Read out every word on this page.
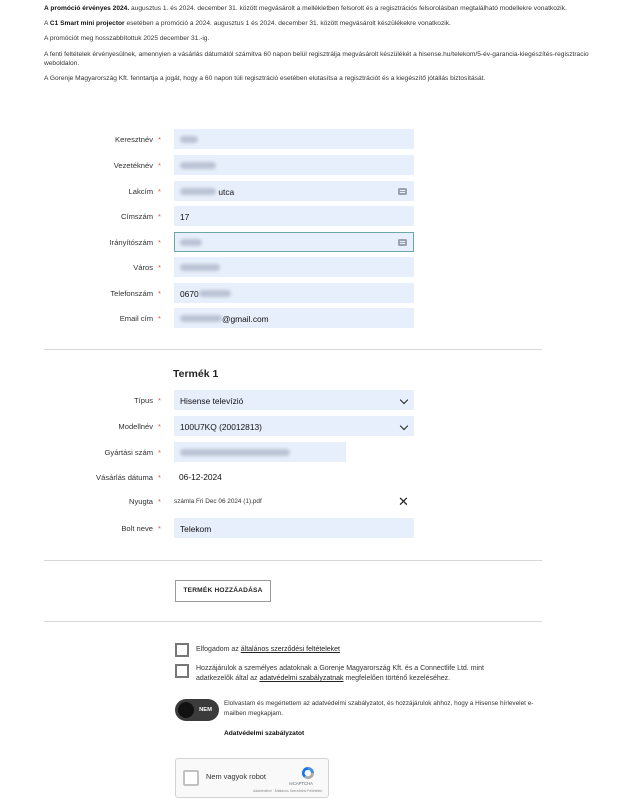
A promóció érvényes 2024. augusztus 1. és 2024. december 31. között megvásárolt a mellékletben felsorolt és a regisztrációs felsorolásban megtalálható modellekre vonatkozik.

A C1 Smart mini projector esetében a promóció a 2024. augusztus 1 és 2024. december 31. között megvásárolt készülékekre vonatkozik.

A promóciót meg hosszabbítottuk 2025 december 31.-ig.

A fenti feltételek érvényesülnek, amennyien a vásárlás dátumától számítva 60 napon belül regisztrálja megvásárolt készülékét a hisense.hu/telekom/5-év-garancia-kiegészítés-regisztracio weboldalon.

A Gorenje Magyarország Kft. fenntartja a jogát, hogy a 60 napon túli regisztráció esetében elutasítsa a regisztrációt és a kiegészítő jótállás biztosítását.

Keresztnév *
Vezetéknév *
Lakcím *	utca
Címszám *	17
Irányítószám *
Város *
Telefonszám *	0670
Email cím *	@gmail.com
Termék 1
Típus *	Hisense televízió
Modellnév *	100U7KQ (20012813)
Gyártási szám *
Vásárlás dátuma *	06-12-2024
Nyugta * számla Fri Dec 06 2024 (1).pdf	✕
Bolt neve *	Telekom
TERMÉK HOZZÁADÁSA
Elfogadom az általános szerződési feltételeket
Hozzájárulok a személyes adatoknak a Gorenje Magyarország Kft. és a Connectlife Ltd. mint
adatkezelők által az adatvédelmi szabályzatnak megfelelően történő kezeléséhez.
NEM
Elolvastam és megértettem az adatvédelmi szabályzatot, és hozzájárulok ahhoz, hogy a Hisense hírlevelet e-mailben megkapjam.
Adatvédelmi szabályzatot
Nem vagyok robot
reCAPTCHA
Adatvédelmi · Általános Szerződési Feltételek
